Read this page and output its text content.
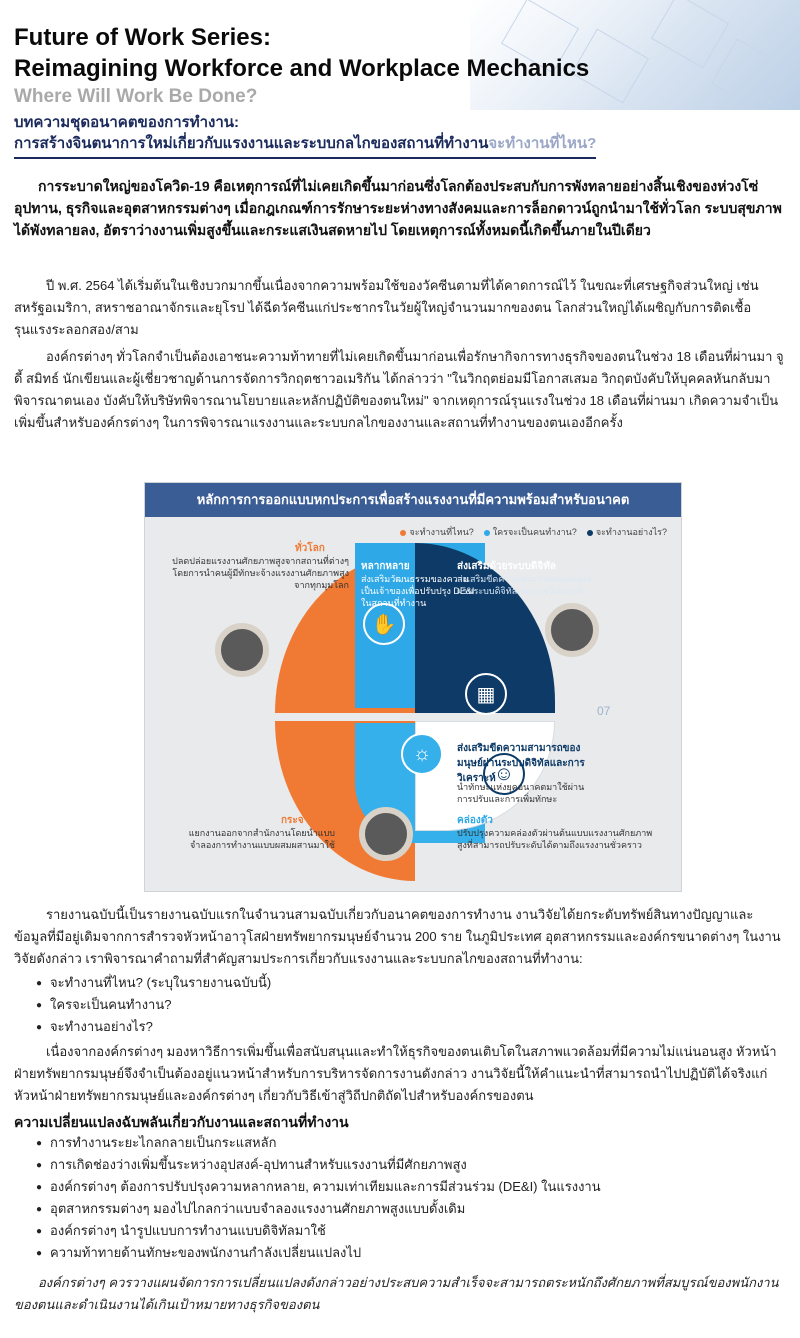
Future of Work Series:
Reimagining Workforce and Workplace Mechanics
Where Will Work Be Done?
บทความชุดอนาคตของการทำงาน:
การสร้างจินตนาการใหม่เกี่ยวกับแรงงานและระบบกลไกของสถานที่ทำงานจะทำงานที่ไหน?
การระบาดใหญ่ของโควิด-19 คือเหตุการณ์ที่ไม่เคยเกิดขึ้นมาก่อนซึ่งโลกต้องประสบกับการพังทลายอย่างสิ้นเชิงของห่วงโซ่อุปทาน, ธุรกิจและอุตสาหกรรมต่างๆ เมื่อกฎเกณฑ์การรักษาระยะห่างทางสังคมและการล็อกดาวน์ถูกนำมาใช้ทั่วโลก ระบบสุขภาพได้พังทลายลง, อัตราว่างงานเพิ่มสูงขึ้นและกระแสเงินสดหายไป โดยเหตุการณ์ทั้งหมดนี้เกิดขึ้นภายในปีเดียว
ปี พ.ศ. 2564 ได้เริ่มต้นในเชิงบวกมากขึ้นเนื่องจากความพร้อมใช้ของวัคซีนตามที่ได้คาดการณ์ไว้ ในขณะที่เศรษฐกิจส่วนใหญ่ เช่น สหรัฐอเมริกา, สหราชอาณาจักรและยุโรป ได้ฉีดวัคซีนแก่ประชากรในวัยผู้ใหญ่จำนวนมากของตน โลกส่วนใหญ่ได้เผชิญกับการติดเชื้อรุนแรงระลอกสอง/สาม
องค์กรต่างๆ ทั่วโลกจำเป็นต้องเอาชนะความท้าทายที่ไม่เคยเกิดขึ้นมาก่อนเพื่อรักษากิจการทางธุรกิจของตนในช่วง 18 เดือนที่ผ่านมา จูดี้ สมิทธ์ นักเขียนและผู้เชี่ยวชาญด้านการจัดการวิกฤตชาวอเมริกัน ได้กล่าวว่า "ในวิกฤตย่อมมีโอกาสเสมอ วิกฤตบังคับให้บุคคลหันกลับมาพิจารณาตนเอง บังคับให้บริษัทพิจารณานโยบายและหลักปฏิบัติของตนใหม่" จากเหตุการณ์รุนแรงในช่วง 18 เดือนที่ผ่านมา เกิดความจำเป็นเพิ่มขึ้นสำหรับองค์กรต่างๆ ในการพิจารณาแรงงานและระบบกลไกของงานและสถานที่ทำงานของตนเองอีกครั้ง
หลักการการออกแบบหกประการเพื่อสร้างแรงงานที่มีความพร้อมสำหรับอนาคต
จะทำงานที่ไหน?	ใครจะเป็นคนทำงาน?	จะทำงานอย่างไร?
✋
▦
☺
☼
ทั่วโลก
ปลดปล่อยแรงงานศักยภาพสูงจากสถานที่ต่างๆ โดยการนำคนผู้มีทักษะจ้างแรงงานศักยภาพสูงจากทุกมุมโลก
หลากหลาย
ส่งเสริมวัฒนธรรมของความเป็นเจ้าของเพื่อปรับปรุง DE&I ในสถานที่ทำงาน
ส่งเสริมด้วยระบบดิจิทัล
ส่งเสริมขีดความสามารถของมนุษย์ผ่านระบบดิจิทัลและการวิเคราะห์
ส่งเสริมขีดความสามารถของมนุษย์ผ่านระบบดิจิทัลและการวิเคราะห์
นำทักษะแห่งยุคอนาคตมาใช้ผ่านการปรับและการเพิ่มทักษะ
กระจาย
แยกงานออกจากสำนักงานโดยนำแบบจำลองการทำงานแบบผสมผสานมาใช้
คล่องตัว
ปรับปรุงความคล่องตัวผ่านต้นแบบแรงงานศักยภาพสูงที่สามารถปรับระดับได้ตามถึงแรงงานชั่วคราว
07
รายงานฉบับนี้เป็นรายงานฉบับแรกในจำนวนสามฉบับเกี่ยวกับอนาคตของการทำงาน งานวิจัยได้ยกระดับทรัพย์สินทางปัญญาและข้อมูลที่มีอยู่เดิมจากการสำรวจหัวหน้าอาวุโสฝ่ายทรัพยากรมนุษย์จำนวน 200 ราย ในภูมิประเทศ อุตสาหกรรมและองค์กรขนาดต่างๆ ในงานวิจัยดังกล่าว เราพิจารณาคำถามที่สำคัญสามประการเกี่ยวกับแรงงานและระบบกลไกของสถานที่ทำงาน:
● จะทำงานที่ไหน? (ระบุในรายงานฉบับนี้)
● ใครจะเป็นคนทำงาน?
● จะทำงานอย่างไร?
เนื่องจากองค์กรต่างๆ มองหาวิธีการเพิ่มขึ้นเพื่อสนับสนุนและทำให้ธุรกิจของตนเติบโตในสภาพแวดล้อมที่มีความไม่แน่นอนสูง หัวหน้าฝ่ายทรัพยากรมนุษย์จึงจำเป็นต้องอยู่แนวหน้าสำหรับการบริหารจัดการงานดังกล่าว งานวิจัยนี้ให้คำแนะนำที่สามารถนำไปปฏิบัติได้จริงแก่หัวหน้าฝ่ายทรัพยากรมนุษย์และองค์กรต่างๆ เกี่ยวกับวิธีเข้าสู่วิถีปกติถัดไปสำหรับองค์กรของตน
ความเปลี่ยนแปลงฉับพลันเกี่ยวกับงานและสถานที่ทำงาน
● การทำงานระยะไกลกลายเป็นกระแสหลัก
● การเกิดช่องว่างเพิ่มขึ้นระหว่างอุปสงค์-อุปทานสำหรับแรงงานที่มีศักยภาพสูง
● องค์กรต่างๆ ต้องการปรับปรุงความหลากหลาย, ความเท่าเทียมและการมีส่วนร่วม (DE&I) ในแรงงาน
● อุตสาหกรรมต่างๆ มองไปไกลกว่าแบบจำลองแรงงานศักยภาพสูงแบบดั้งเดิม
● องค์กรต่างๆ นำรูปแบบการทำงานแบบดิจิทัลมาใช้
● ความท้าทายด้านทักษะของพนักงานกำลังเปลี่ยนแปลงไป
องค์กรต่างๆ ควรวางแผนจัดการการเปลี่ยนแปลงดังกล่าวอย่างประสบความสำเร็จจะสามารถตระหนักถึงศักยภาพที่สมบูรณ์ของพนักงานของตนและดำเนินงานได้เกินเป้าหมายทางธุรกิจของตน
